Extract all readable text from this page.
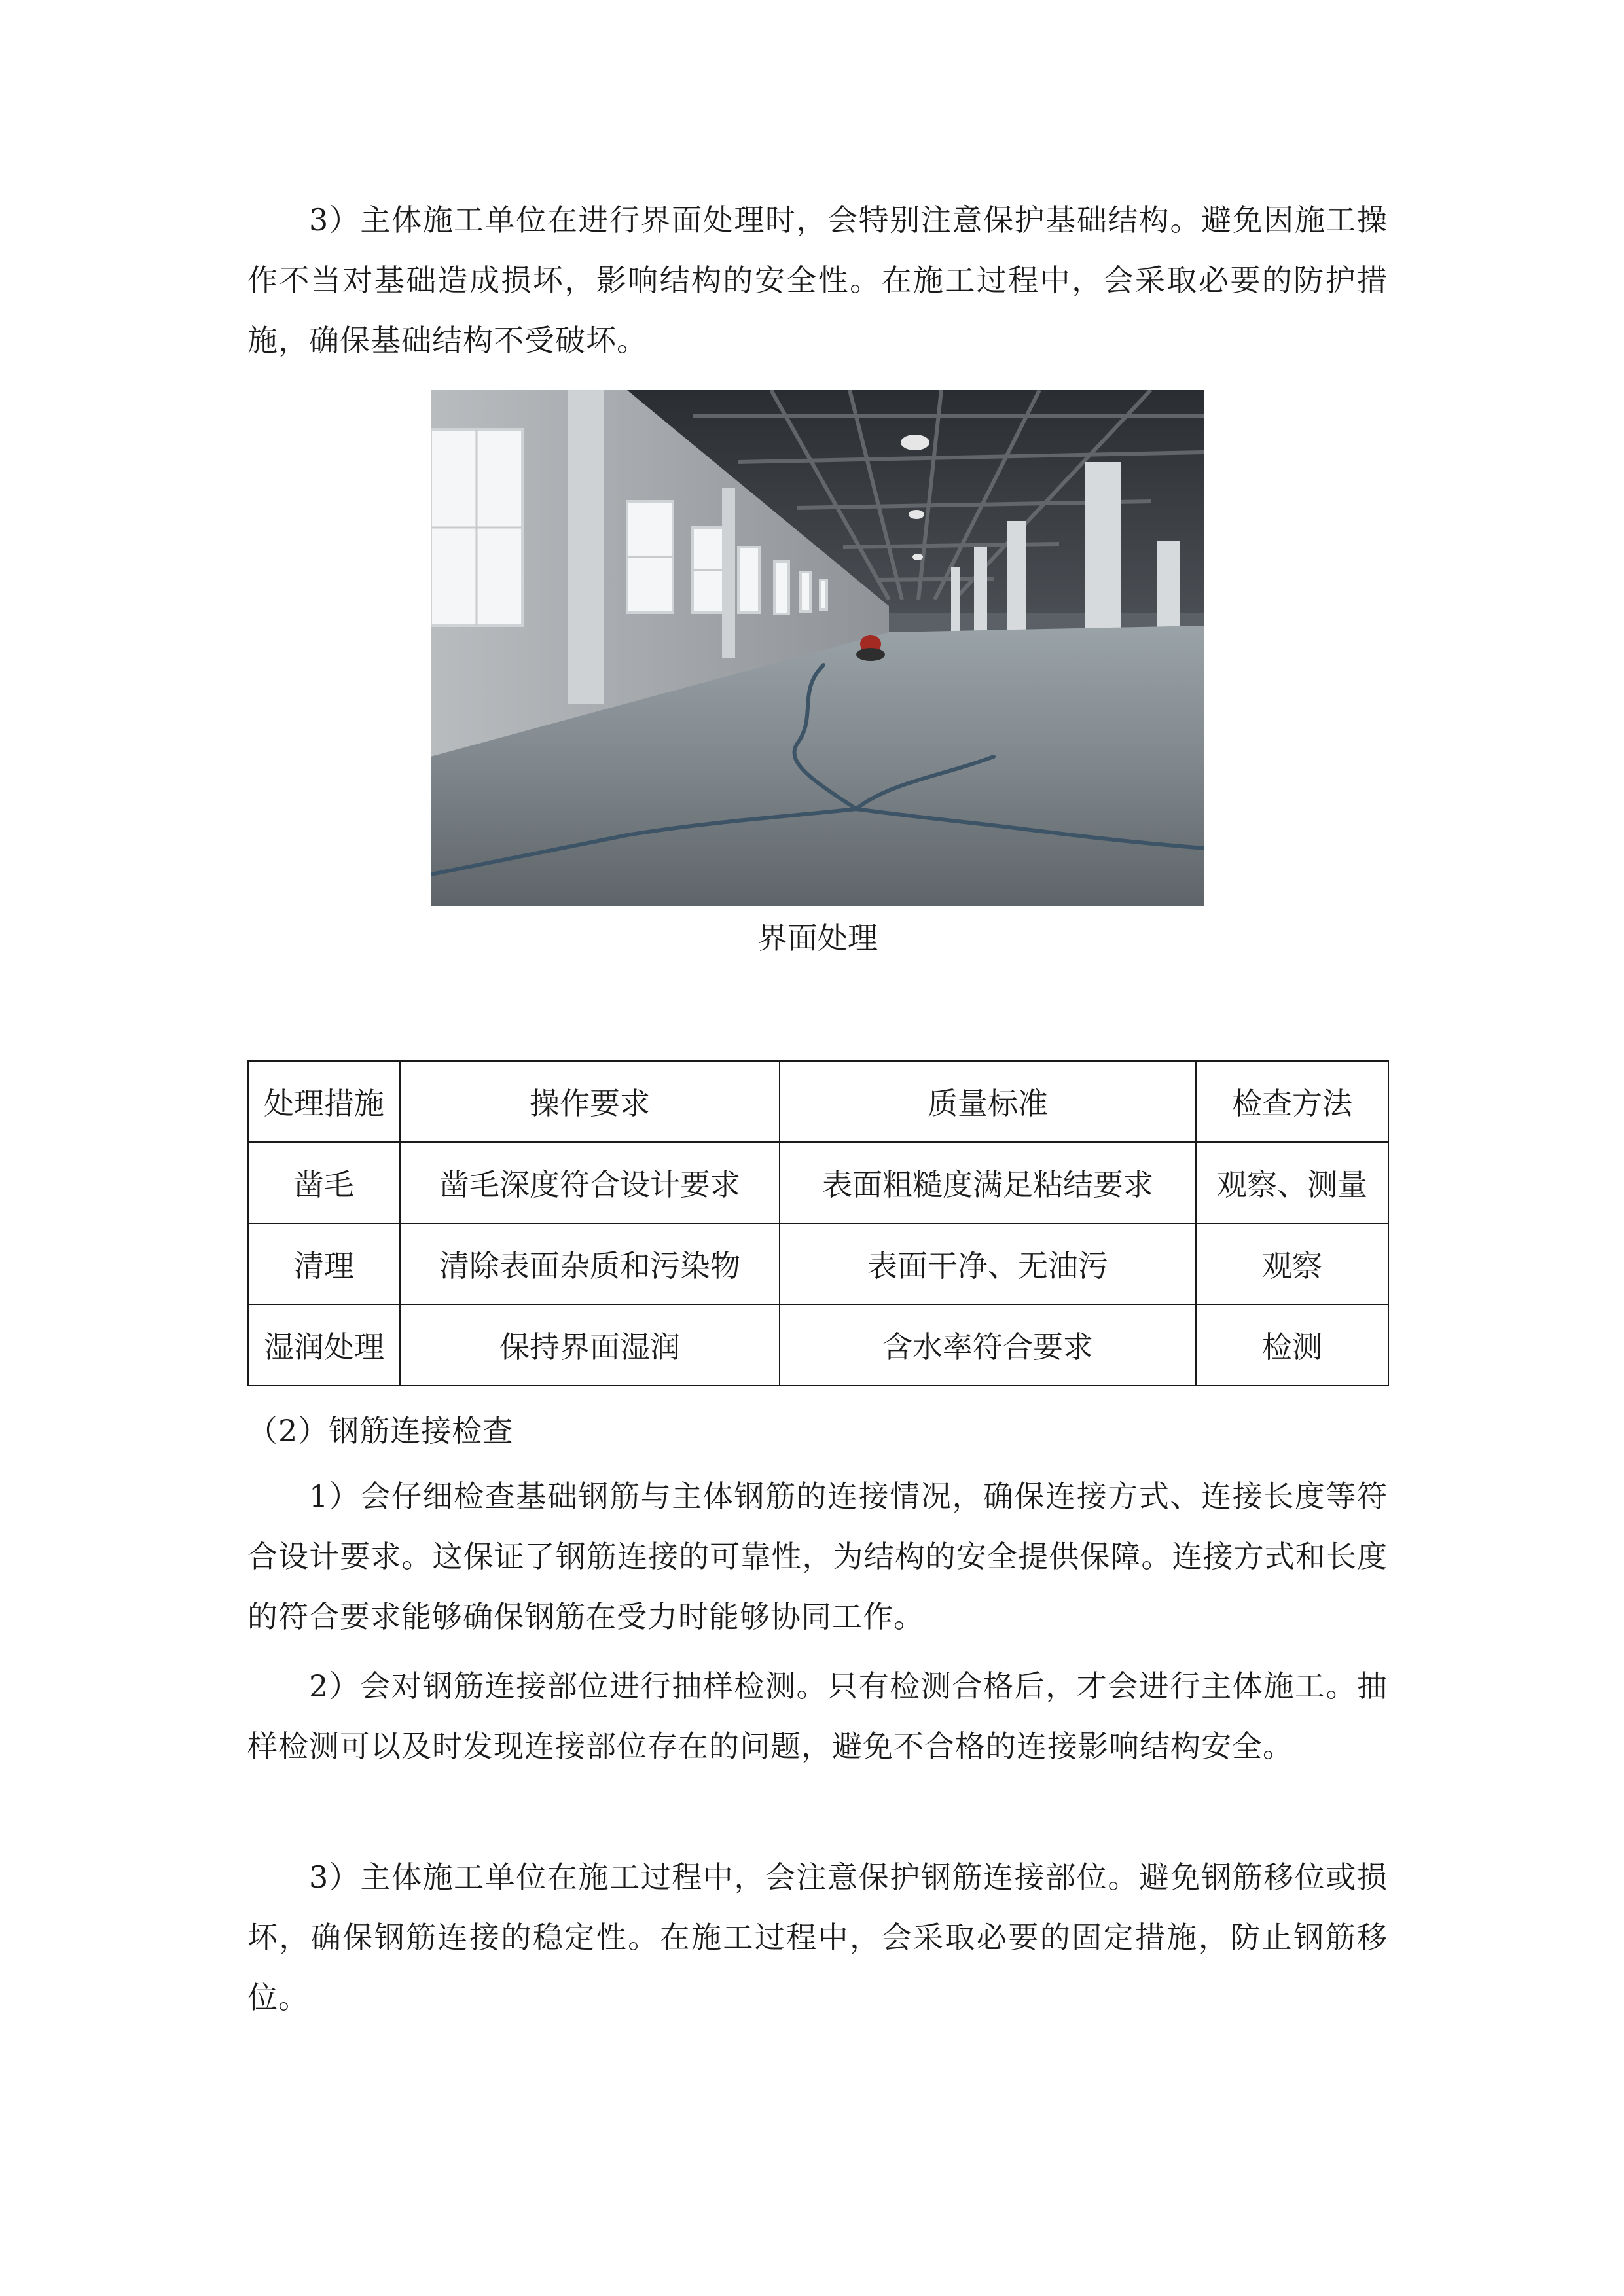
3）主体施工单位在进行界面处理时，会特别注意保护基础结构。避免因施工操作不当对基础造成损坏，影响结构的安全性。在施工过程中，会采取必要的防护措施，确保基础结构不受破坏。

界面处理
处理措施	操作要求	质量标准	检查方法
凿毛	凿毛深度符合设计要求	表面粗糙度满足粘结要求	观察、测量
清理	清除表面杂质和污染物	表面干净、无油污	观察
湿润处理	保持界面湿润	含水率符合要求	检测

（2）钢筋连接检查

1）会仔细检查基础钢筋与主体钢筋的连接情况，确保连接方式、连接长度等符合设计要求。这保证了钢筋连接的可靠性，为结构的安全提供保障。连接方式和长度的符合要求能够确保钢筋在受力时能够协同工作。

2）会对钢筋连接部位进行抽样检测。只有检测合格后，才会进行主体施工。抽样检测可以及时发现连接部位存在的问题，避免不合格的连接影响结构安全。

3）主体施工单位在施工过程中，会注意保护钢筋连接部位。避免钢筋移位或损坏，确保钢筋连接的稳定性。在施工过程中，会采取必要的固定措施，防止钢筋移位。
